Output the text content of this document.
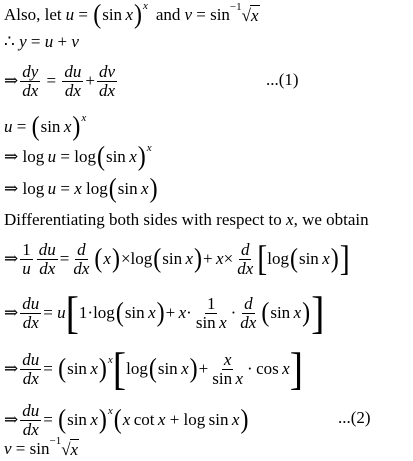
Also, let u = ( sin x ) x and v = sin −1 √ x
∴
y = u + v
⇒ $\frac{dy}{dx} = \frac{du}{dx} + \frac{dv}{dx}$	...(1)
u = ( sin  x ) x
⇒ log  u = log ( sin  x ) x
⇒ log  u = x log ( sin  x )
Differentiating both sides with respect to
x , we obtain
⇒ $\frac{1}{u} \frac{du}{dx} = \frac{d}{dx}$ ( x ) ×log ( sin  x ) +  $x \times \frac{d}{dx}$ [ log ( sin  x ) ]
⇒ $\frac{du}{dx} = u$ [ 1·log ( sin  x ) +  $x \cdot \frac{1}{\text{sin x}} \cdot \frac{d}{dx}$ ( sin  x ) ]
⇒ $\frac{du}{dx}$ = ( sin  x ) x [ log ( sin  x ) + $\frac{x}{\text{sin x}} \cdot \cos x$ ]
⇒ $\frac{du}{dx}$ = ( sin  x ) x ( x  cot  x + log sin  x )	...(2)
v = sin −1 √ x
